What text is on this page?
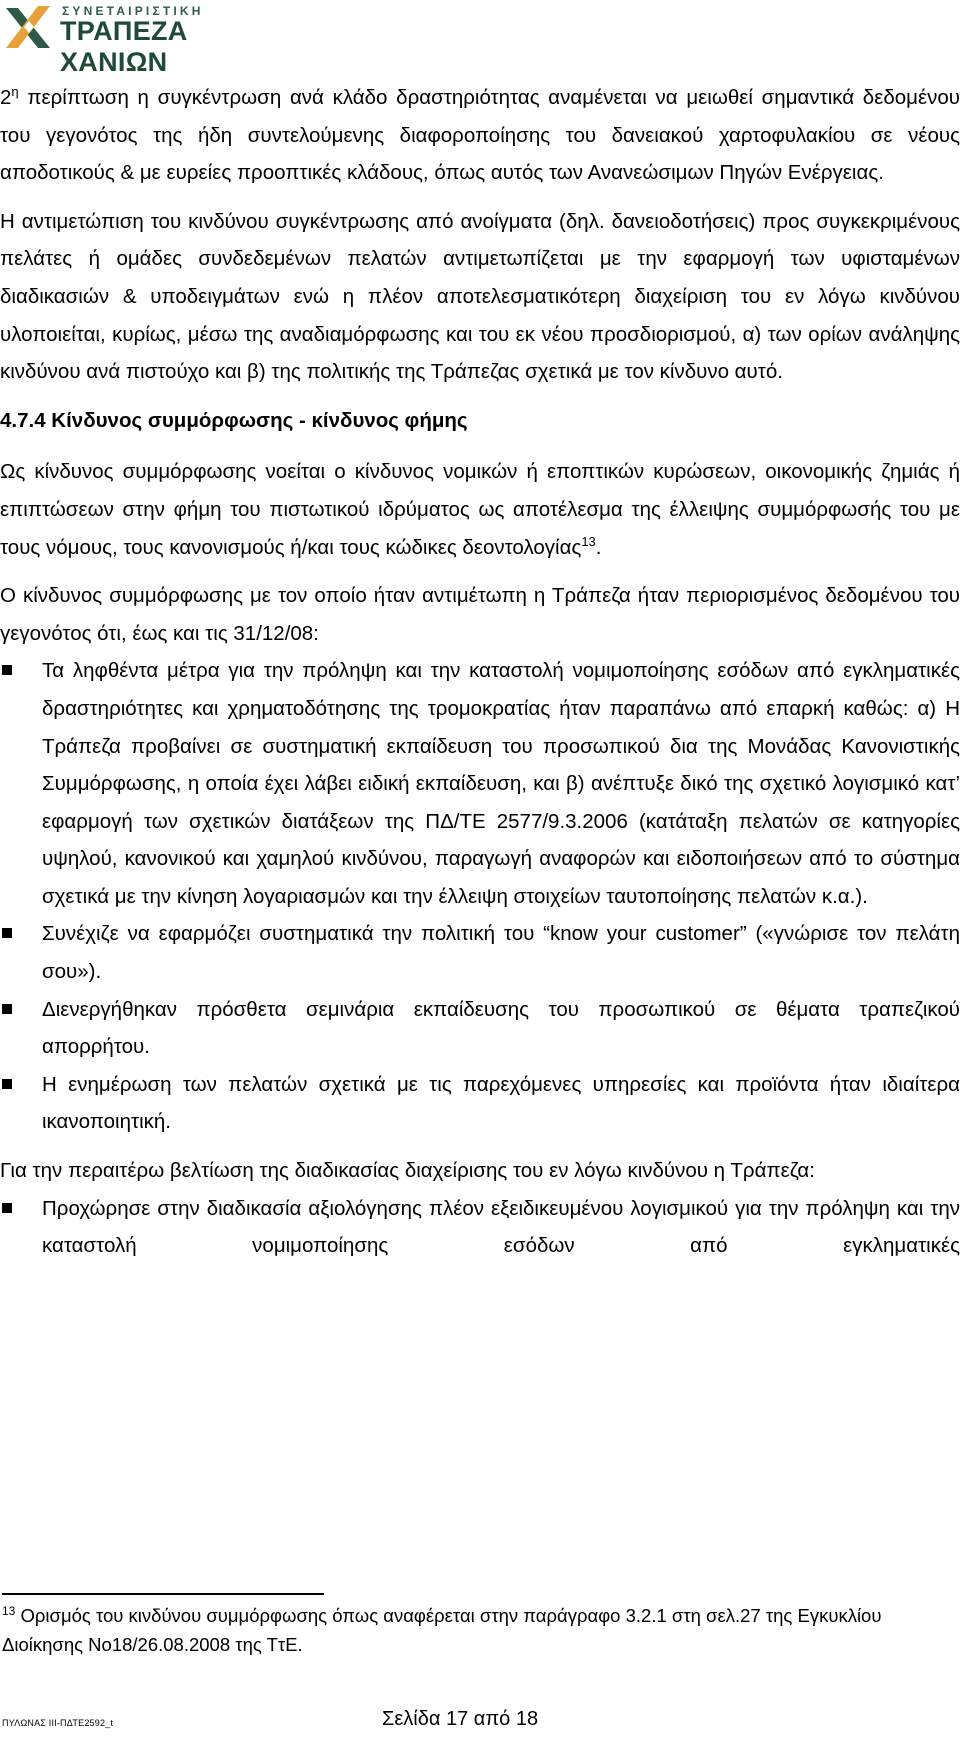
ΣΥΝΕΤΑΙΡΙΣΤΙΚΗ
ΤΡΑΠΕΖΑ ΧΑΝΙΩΝ

$2^\eta$ περίπτωση η συγκέντρωση ανά κλάδο δραστηριότητας αναμένεται να μειωθεί σημαντικά δεδομένου του γεγονότος της ήδη συντελούμενης διαφοροποίησης του δανειακού χαρτοφυλακίου σε νέους αποδοτικούς & με ευρείες προοπτικές κλάδους, όπως αυτός των Ανανεώσιμων Πηγών Ενέργειας.

Η αντιμετώπιση του κινδύνου συγκέντρωσης από ανοίγματα (δηλ. δανειοδοτήσεις) προς συγκεκριμένους πελάτες ή ομάδες συνδεδεμένων πελατών αντιμετωπίζεται με την εφαρμογή των υφισταμένων διαδικασιών & υποδειγμάτων ενώ η πλέον αποτελεσματικότερη διαχείριση του εν λόγω κινδύνου υλοποιείται, κυρίως, μέσω της αναδιαμόρφωσης και του εκ νέου προσδιορισμού, α) των ορίων ανάληψης κινδύνου ανά πιστούχο και β) της πολιτικής της Τράπεζας σχετικά με τον κίνδυνο αυτό.

4.7.4 Κίνδυνος συμμόρφωσης - κίνδυνος φήμης

Ως κίνδυνος συμμόρφωσης νοείται ο κίνδυνος νομικών ή εποπτικών κυρώσεων, οικονομικής ζημιάς ή επιπτώσεων στην φήμη του πιστωτικού ιδρύματος ως αποτέλεσμα της έλλειψης συμμόρφωσής του με τους νόμους, τους κανονισμούς ή/και τους κώδικες δεοντολογίας$^{13}$.

Ο κίνδυνος συμμόρφωσης με τον οποίο ήταν αντιμέτωπη η Τράπεζα ήταν περιορισμένος δεδομένου του γεγονότος ότι, έως και τις 31/12/08:

Τα ληφθέντα μέτρα για την πρόληψη και την καταστολή νομιμοποίησης εσόδων από εγκληματικές δραστηριότητες και χρηματοδότησης της τρομοκρατίας ήταν παραπάνω από επαρκή καθώς: α) Η Τράπεζα προβαίνει σε συστηματική εκπαίδευση του προσωπικού δια της Μονάδας Κανονιστικής Συμμόρφωσης, η οποία έχει λάβει ειδική εκπαίδευση, και β) ανέπτυξε δικό της σχετικό λογισμικό κατ’ εφαρμογή των σχετικών διατάξεων της ΠΔ/ΤΕ 2577/9.3.2006 (κατάταξη πελατών σε κατηγορίες υψηλού, κανονικού και χαμηλού κινδύνου, παραγωγή αναφορών και ειδοποιήσεων από το σύστημα σχετικά με την κίνηση λογαριασμών και την έλλειψη στοιχείων ταυτοποίησης πελατών κ.α.).
Συνέχιζε να εφαρμόζει συστηματικά την πολιτική του “know your customer” («γνώρισε τον πελάτη σου»).
Διενεργήθηκαν πρόσθετα σεμινάρια εκπαίδευσης του προσωπικού σε θέματα τραπεζικού απορρήτου.
Η ενημέρωση των πελατών σχετικά με τις παρεχόμενες υπηρεσίες και προϊόντα ήταν ιδιαίτερα ικανοποιητική.

Για την περαιτέρω βελτίωση της διαδικασίας διαχείρισης του εν λόγω κινδύνου η Τράπεζα:

Προχώρησε στην διαδικασία αξιολόγησης πλέον εξειδικευμένου λογισμικού για την πρόληψη και την καταστολή νομιμοποίησης εσόδων από εγκληματικές
$^{13}$ Ορισμός του κινδύνου συμμόρφωσης όπως αναφέρεται στην παράγραφο 3.2.1 στη σελ.27 της Εγκυκλίου Διοίκησης Νο18/26.08.2008 της ΤτΕ.
ΠΥΛΩΝΑΣ ΙΙΙ-ΠΔΤΕ2592_t	Σελίδα 17 από 18
